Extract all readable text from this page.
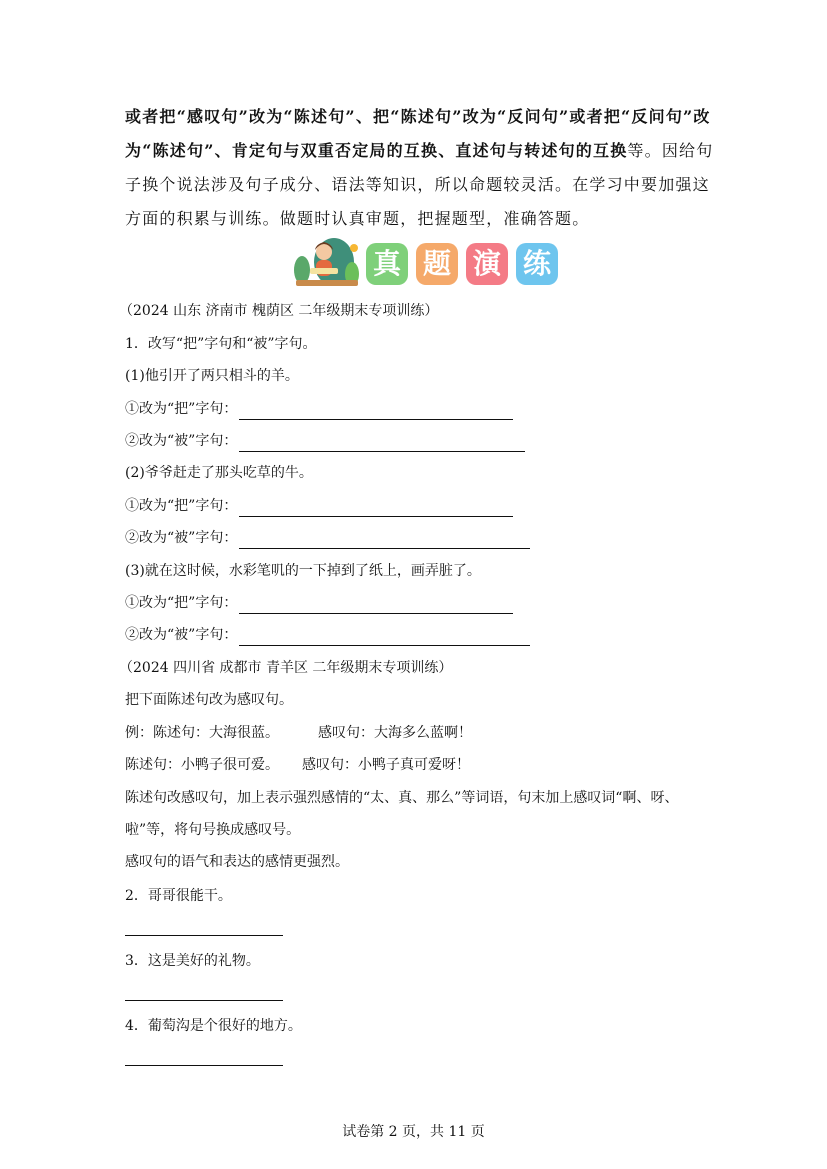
或者把“感叹句”改为“陈述句”、把“陈述句”改为“反问句”或者把“反问句”改为“陈述句”、肯定句与双重否定局的互换、直述句与转述句的互换等。因给句子换个说法涉及句子成分、语法等知识，所以命题较灵活。在学习中要加强这方面的积累与训练。做题时认真审题，把握题型，准确答题。
真 题 演 练
（2024 山东 济南市 槐荫区 二年级期末专项训练）
1．改写“把”字句和“被”字句。
(1)他引开了两只相斗的羊。
①改为“把”字句：
②改为“被”字句：
(2)爷爷赶走了那头吃草的牛。
①改为“把”字句：
②改为“被”字句：
(3)就在这时候，水彩笔叽的一下掉到了纸上，画弄脏了。
①改为“把”字句：
②改为“被”字句：
（2024 四川省 成都市 青羊区 二年级期末专项训练）
把下面陈述句改为感叹句。
例：陈述句：大海很蓝。	感叹句：大海多么蓝啊！
陈述句：小鸭子很可爱。 感叹句：小鸭子真可爱呀！
陈述句改感叹句，加上表示强烈感情的“太、真、那么”等词语，句末加上感叹词“啊、呀、
啦”等，将句号换成感叹号。
感叹句的语气和表达的感情更强烈。
2．哥哥很能干。
3．这是美好的礼物。
4．葡萄沟是个很好的地方。
试卷第 2 页，共 11 页
